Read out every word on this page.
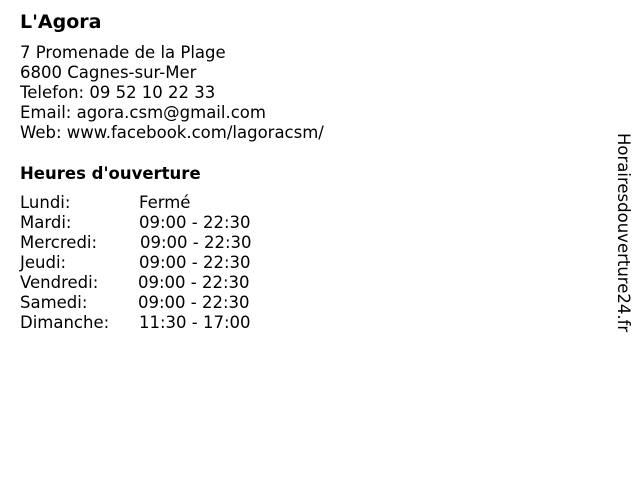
L'Agora
7 Promenade de la Plage
6800 Cagnes-sur-Mer
Telefon: 09 52 10 22 33
Email: agora.csm@gmail.com
Web: www.facebook.com/lagoracsm/
Heures d'ouverture
Lundi:	Fermé
Mardi:	09:00 - 22:30
Mercredi:	09:00 - 22:30
Jeudi:	09:00 - 22:30
Vendredi: 09:00 - 22:30
Samedi:	09:00 - 22:30
Dimanche: 11:30 - 17:00	Horairesdouverture24.fr
